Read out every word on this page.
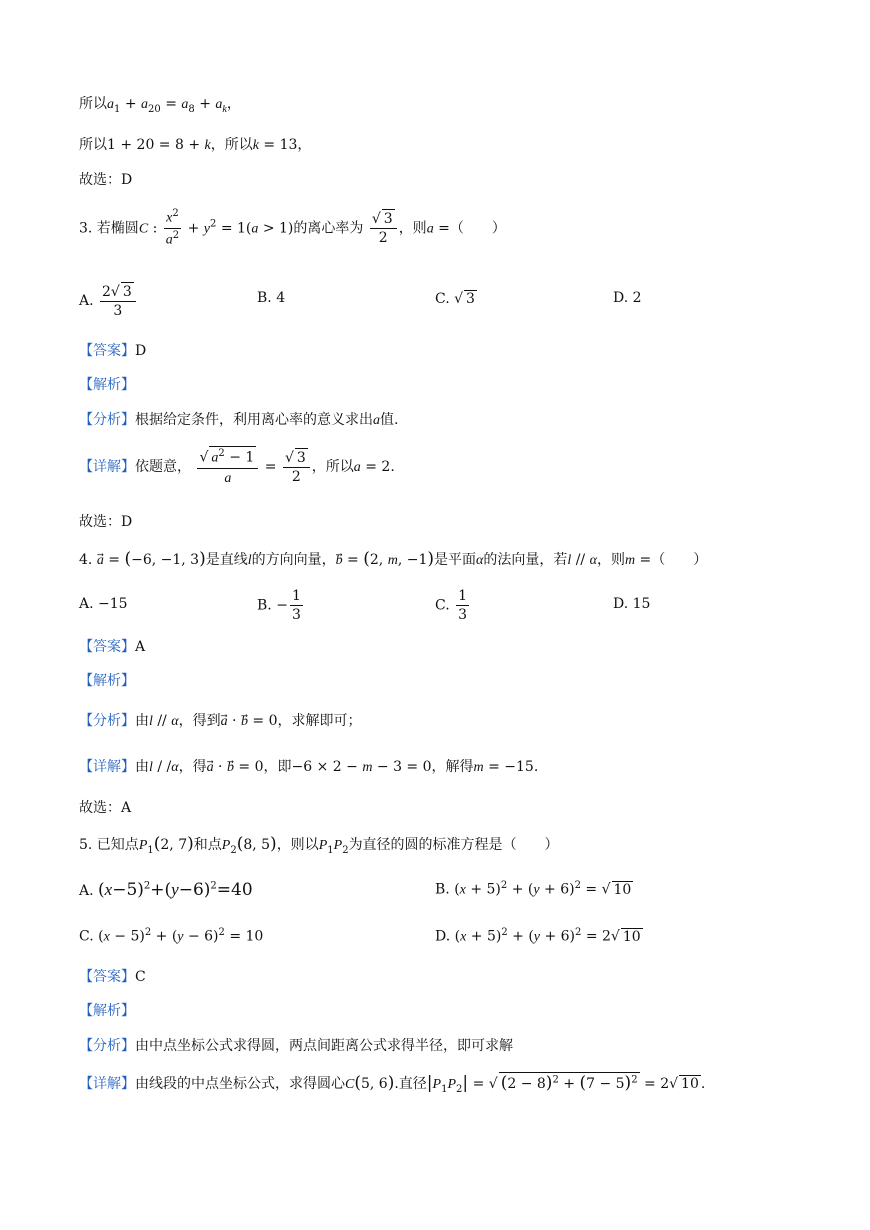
所以$a_1 + a_{20} = a_8 + a_k$，
所以1 + 20 = 8 + k，所以k = 13，
故选：D
3. 若椭圆C : $\frac{x^2}{a^2} + y^2 = 1(a > 1)$的离心率为 $\frac{√ 3}{2}$ ，则a =（　　）
A. $\frac{2√ 3}{3}$	B. 4	C. √ 3	D. 2
【答案】D
【解析】
【分析】根据给定条件，利用离心率的意义求出a值.
【详解】依题意， $\frac{√ a^2 - 1}{a} = \frac{√ 3}{2}$ ，所以a = 2.
故选：D
4. a⃗ = (−6, −1, 3)是直线l的方向向量，b⃗ = (2, m, −1)是平面α的法向量，若l // α，则m =（　　）
A. −15	B. − $\frac{1}{3}$	C. $\frac{1}{3}$	D. 15
【答案】A
【解析】
【分析】由l // α，得到a⃗ · b⃗ = 0，求解即可；
【详解】由l / /α，得a⃗ · b⃗ = 0，即−6 × 2 − m − 3 = 0，解得m = −15.
故选：A
5. 已知点$P_1(2$, 7)和点$P_2(8$, 5)，则以$P_1P_2$为直径的圆的标准方程是（　　）
A. $(x-5)^2+(y-6)^2=40$	B. $(x + 5)^2 + (y + 6)^2$ = √ 10
C. $(x - 5)^2 + (y - 6)^2 = 10$	D. $(x + 5)^2 + (y + 6)^2 = 2√$ 10
【答案】C
【解析】
【分析】由中点坐标公式求得圆，两点间距离公式求得半径，即可求解
【详解】由线段的中点坐标公式，求得圆心C(5, 6).直径$|P_1P_2|$ = √ $(2 - 8)^2 + (7 - 5)^2 = 2√$ 10 .
